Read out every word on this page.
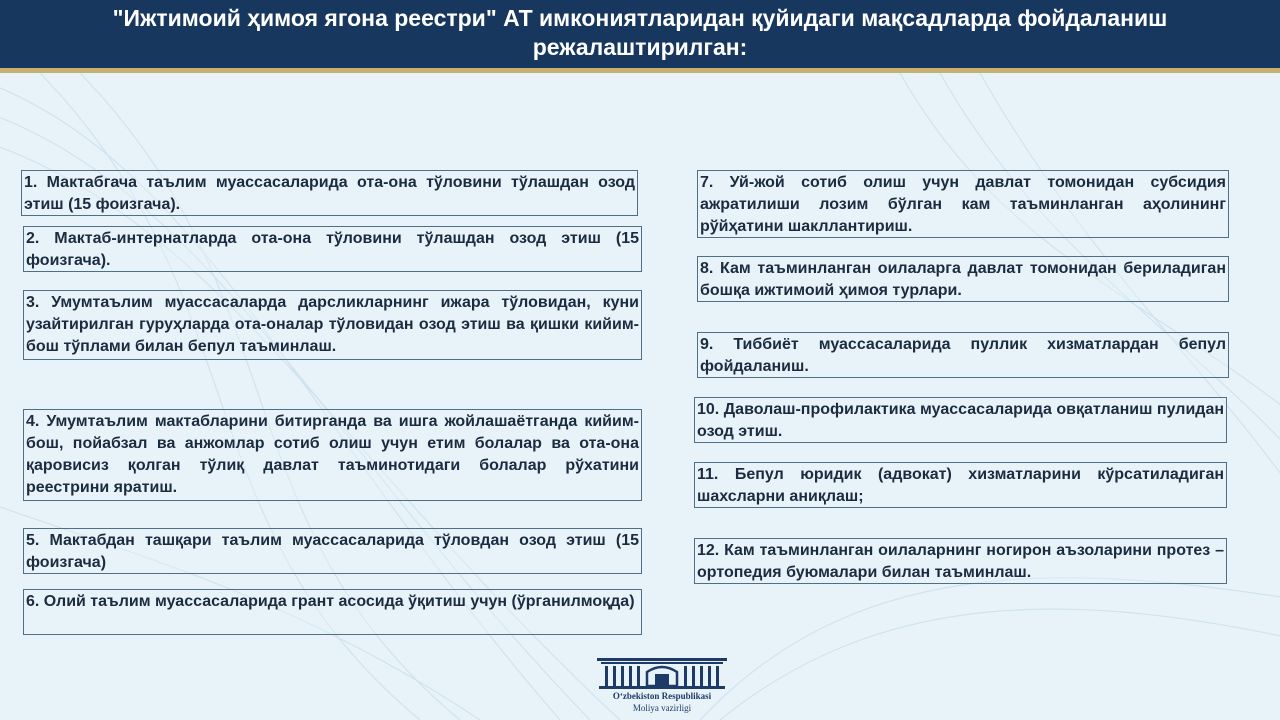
"Ижтимоий ҳимоя ягона реестри" АТ имкониятларидан қуйидаги мақсадларда фойдаланиш режалаштирилган:
1. Мактабгача таълим муассасаларида ота-она тўловини тўлашдан озод этиш (15 фоизгача).
2. Мактаб-интернатларда ота-она тўловини тўлашдан озод этиш (15 фоизгача).
3. Умумтаълим муассасаларда дарсликларнинг ижара тўловидан, куни узайтирилган гуруҳларда ота-оналар тўловидан озод этиш ва қишки кийим-бош тўплами билан бепул таъминлаш.
4. Умумтаълим мактабларини битирганда ва ишга жойлашаётганда кийим-бош, пойабзал ва анжомлар сотиб олиш учун етим болалар ва ота-она қаровисиз қолган тўлиқ давлат таъминотидаги болалар рўхатини реестрини яратиш.
5. Мактабдан ташқари таълим муассасаларида тўловдан озод этиш (15 фоизгача)
6. Олий таълим муассасаларида грант асосида ўқитиш учун (ўрганилмоқда)
7. Уй-жой сотиб олиш учун давлат томонидан субсидия ажратилиши лозим бўлган кам таъминланган аҳолининг рўйҳатини шакллантириш.
8. Кам таъминланган оилаларга давлат томонидан бериладиган бошқа ижтимоий ҳимоя турлари.
9. Тиббиёт муассасаларида пуллик хизматлардан бепул фойдаланиш.
10. Даволаш-профилактика муассасаларида овқатланиш пулидан озод этиш.
11. Бепул юридик (адвокат) хизматларини кўрсатиладиган шахсларни аниқлаш;
12. Кам таъминланган оилаларнинг ногирон аъзоларини протез – ортопедия буюмалари билан таъминлаш.
O‘zbekiston Respublikasi
Moliya vazirligi
